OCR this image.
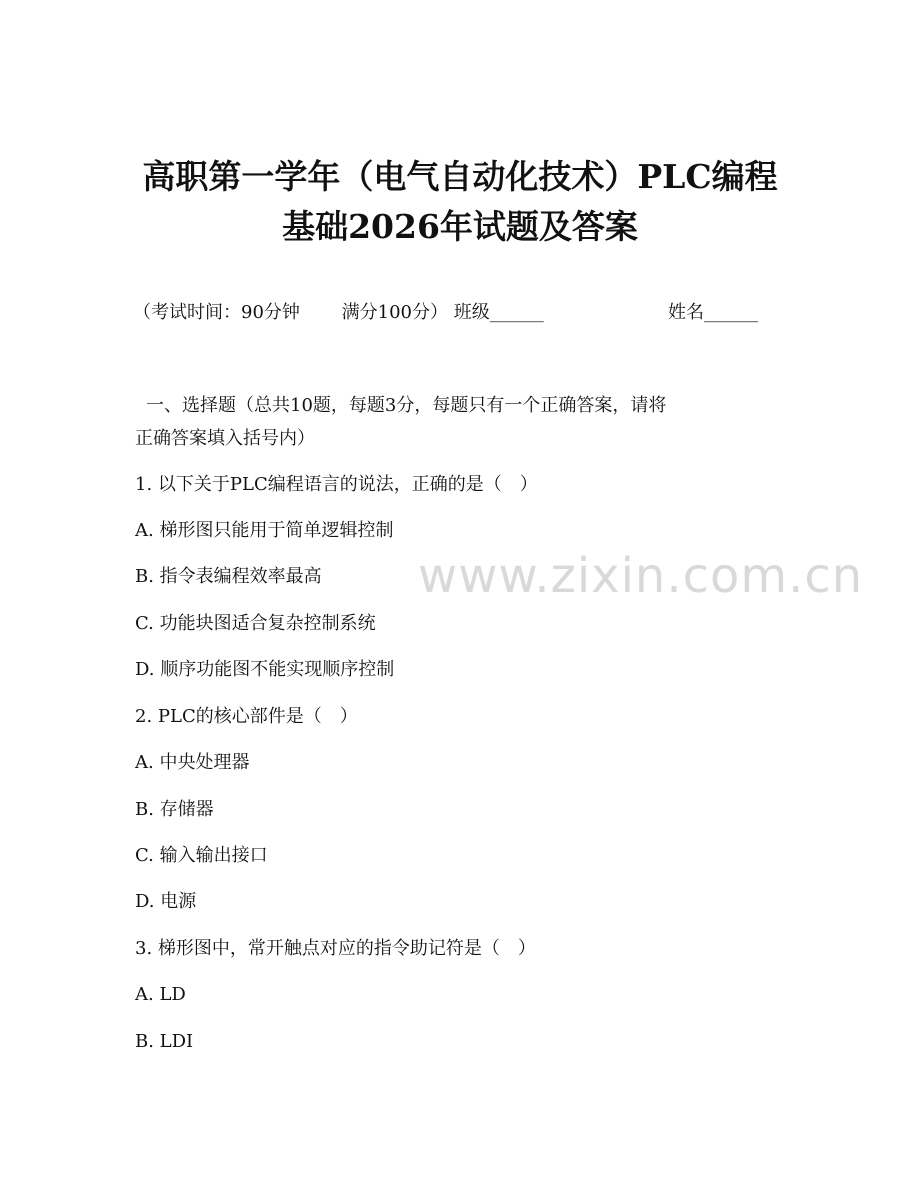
高职第一学年（电气自动化技术）PLC编程
基础2026年试题及答案
（考试时间：90分钟 　　满分100分） 班级______	姓名______
一、选择题（总共10题，每题3分，每题只有一个正确答案，请将
正确答案填入括号内）
1. 以下关于PLC编程语言的说法，正确的是（　）
A. 梯形图只能用于简单逻辑控制
B. 指令表编程效率最高
C. 功能块图适合复杂控制系统
D. 顺序功能图不能实现顺序控制
2. PLC的核心部件是（　）
A. 中央处理器
B. 存储器
C. 输入输出接口
D. 电源
3. 梯形图中，常开触点对应的指令助记符是（　）
A. LD
B. LDI
www.zixin.com.cn
